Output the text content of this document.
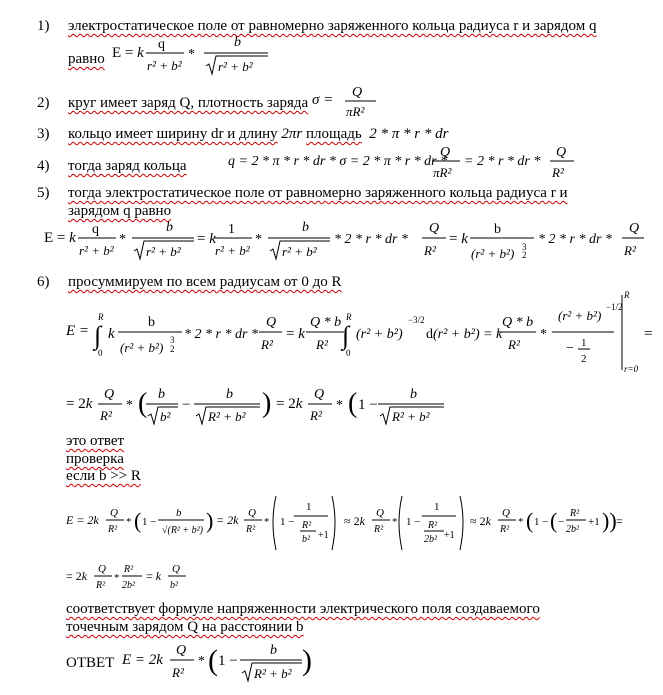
1) электростатическое поле от равномерно заряженного кольца радиуса r и зарядом q
равно E = k
q
r² + b²
*
b
r² + b²
2) круг имеет заряд Q, плотность заряда σ = Q
πR²
3) кольцо имеет ширину dr и длину 2πr площадь 2 * π * r * dr
4) тогда заряд кольца	q = 2 * π * r * dr * σ = 2 * π * r * dr *
Q
πR²
= 2 * r * dr *
Q
R²
5) тогда электростатическое поле от равномерно заряженного кольца радиуса r и
зарядом q равно
E = k
q
r² + b²
*
b
r² + b²
= k
1
r² + b²
*
b
r² + b²
* 2 * r * dr *
Q
R²
= k
b
(r² + b²) 3
2
* 2 * r * dr *
Q
R²
6) просуммируем по всем радиусам от 0 до R
E =
R
∫
0
k
b
(r² + b²) 3
2
* 2 * r * dr *
Q
R²
= k
Q * b
R²
R
∫
0
(r² + b²)
−3/2
d(r² + b²) = k
Q * b
R²
*
(r² + b²)
−1/2
− 1
2
R
r=0
=
= 2k
Q
R²
* ( b
b²
−
b
R² + b² ) = 2k
Q
R²
* ( 1 −
b
R² + b²
это ответ
проверка
если b >> R
E = 2k Q
R²
* ( 1 −
b
√(R² + b²) ) = 2k Q
R²
* 1 −
1
R²
b² +1
≈ 2k
Q
R²
* 1 −
1
R²
2b² +1
≈ 2k
Q
R²
* ( 1 − ( −
R²
2b²
+1 )) =
= 2k Q
R²
*
R²
2b²
= k Q
b²
соответствует формуле напряженности электрического поля создаваемого
точечным зарядом Q на расстоянии b
ОТВЕТ E = 2k
Q
R²
* ( 1 −
b
R² + b² )
